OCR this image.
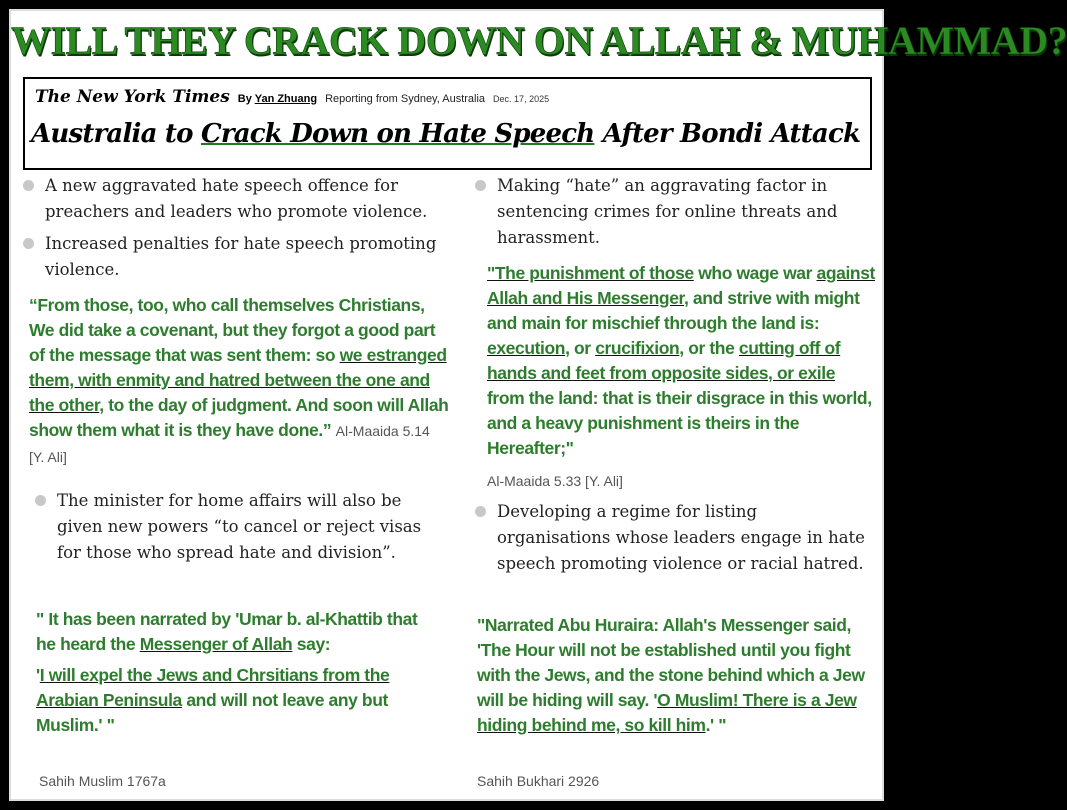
WILL THEY CRACK DOWN ON ALLAH & MUHAMMAD?
The New York Times By Yan Zhuang Reporting from Sydney, Australia Dec. 17, 2025
Australia to Crack Down on Hate Speech After Bondi Attack
A new aggravated hate speech offence for preachers and leaders who promote violence.
Increased penalties for hate speech promoting violence.
“From those, too, who call themselves Christians, We did take a covenant, but they forgot a good part of the message that was sent them: so we estranged them, with enmity and hatred between the one and the other, to the day of judgment. And soon will Allah show them what it is they have done.” Al-Maaida 5.14 [Y. Ali]
The minister for home affairs will also be given new powers “to cancel or reject visas for those who spread hate and division”.
" It has been narrated by 'Umar b. al-Khattib that he heard the Messenger of Allah say:
'I will expel the Jews and Chrsitians from the Arabian Peninsula and will not leave any but Muslim.' "
Sahih Muslim 1767a
Making “hate” an aggravating factor in sentencing crimes for online threats and harassment.
"The punishment of those who wage war against Allah and His Messenger, and strive with might and main for mischief through the land is: execution, or crucifixion, or the cutting off of hands and feet from opposite sides, or exile from the land: that is their disgrace in this world, and a heavy punishment is theirs in the Hereafter;"
Al-Maaida 5.33 [Y. Ali]
Developing a regime for listing organisations whose leaders engage in hate speech promoting violence or racial hatred.
"Narrated Abu Huraira: Allah's Messenger said, 'The Hour will not be established until you fight with the Jews, and the stone behind which a Jew will be hiding will say. 'O Muslim! There is a Jew hiding behind me, so kill him.' "
Sahih Bukhari 2926
